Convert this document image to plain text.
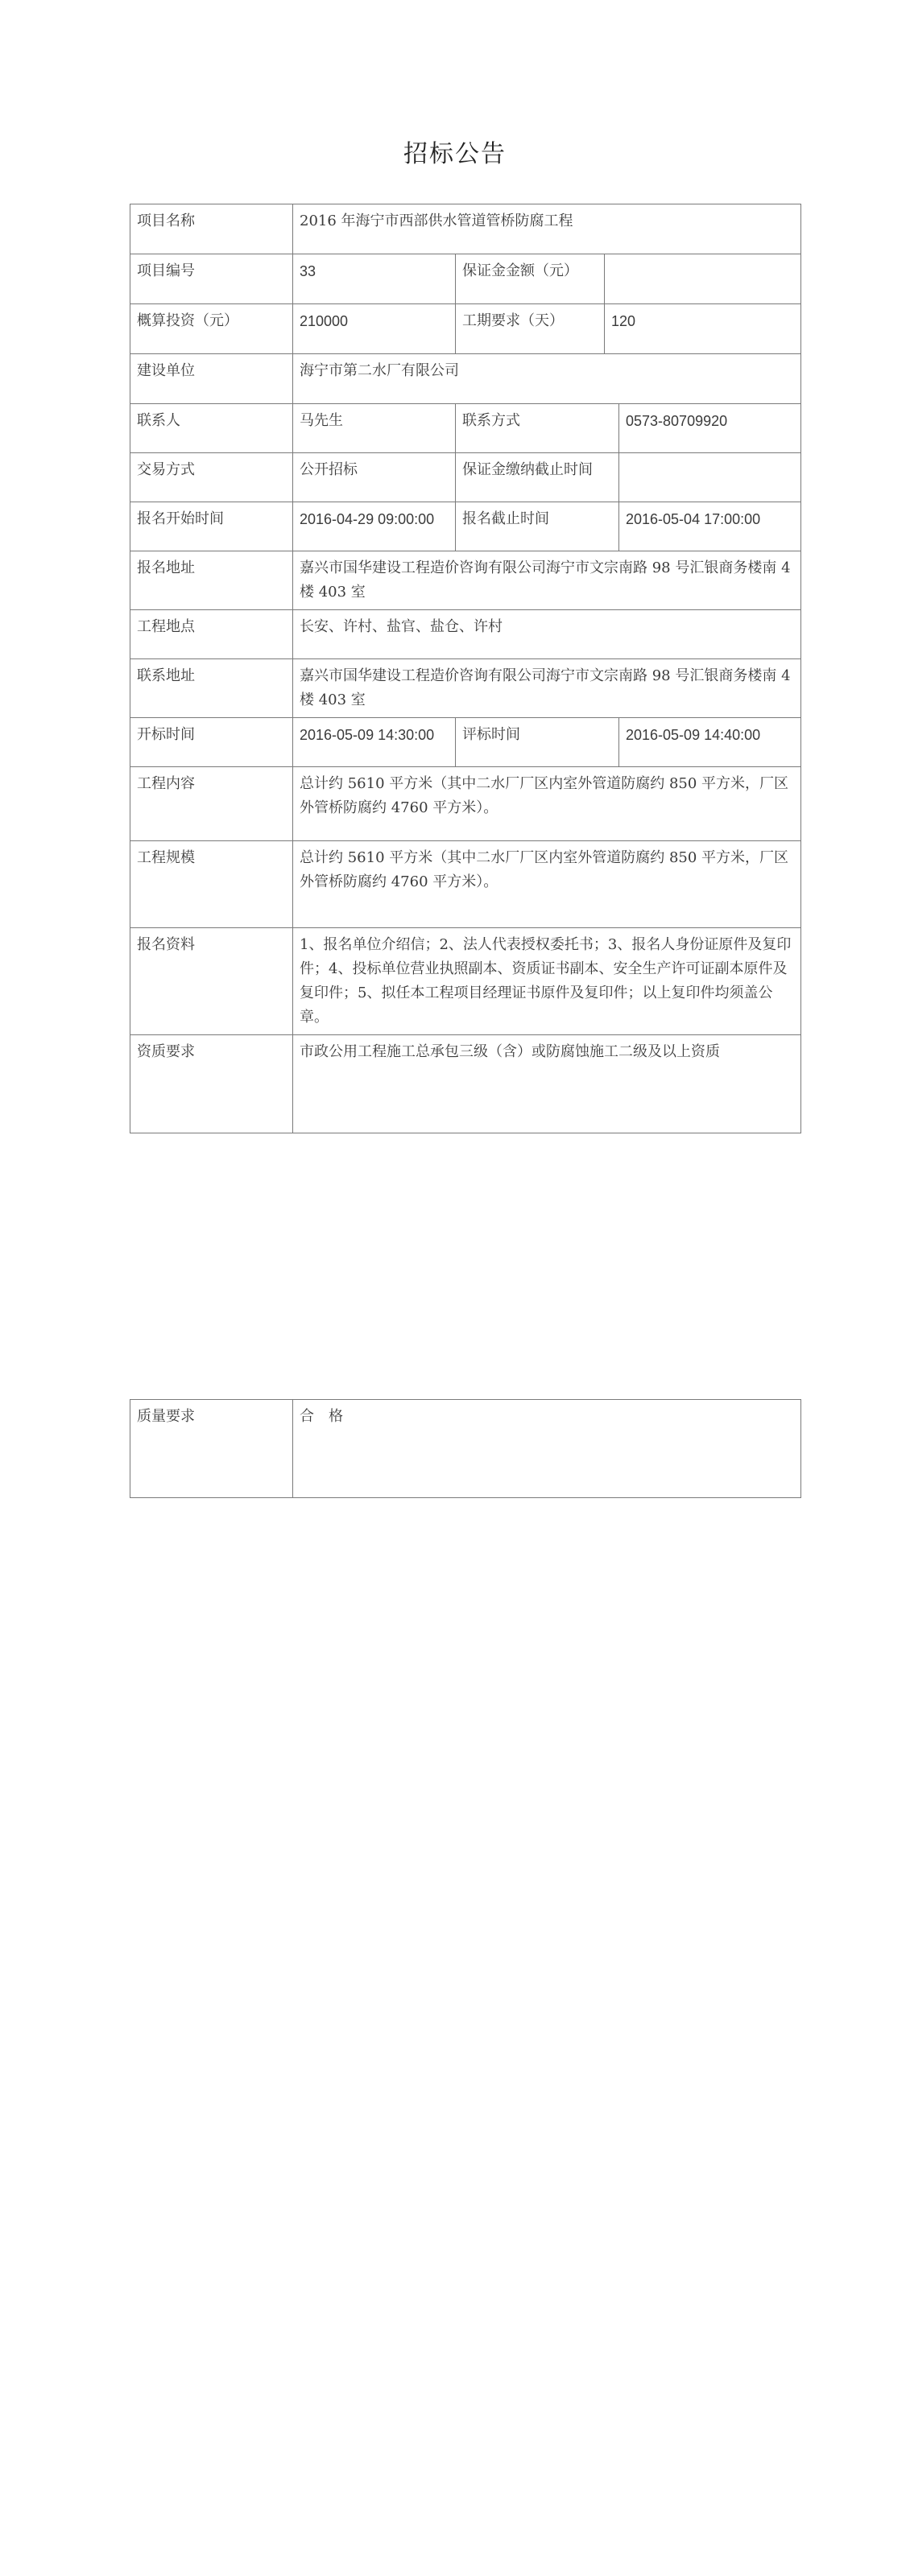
招标公告
项目名称	2016 年海宁市西部供水管道管桥防腐工程			
项目编号	33	保证金金额（元）		
概算投资（元）	210000	工期要求（天）	120	
建设单位	海宁市第二水厂有限公司			
联系人	马先生	联系方式		0573-80709920
交易方式	公开招标	保证金缴纳截止时间		
报名开始时间	2016-04-29 09:00:00	报名截止时间		2016-05-04 17:00:00
报名地址	嘉兴市国华建设工程造价咨询有限公司海宁市文宗南路 98 号汇银商务楼南 4 楼 403 室			
工程地点	长安、许村、盐官、盐仓、许村			
联系地址	嘉兴市国华建设工程造价咨询有限公司海宁市文宗南路 98 号汇银商务楼南 4 楼 403 室			
开标时间	2016-05-09 14:30:00	评标时间		2016-05-09 14:40:00
工程内容	总计约 5610 平方米（其中二水厂厂区内室外管道防腐约 850 平方米，厂区外管桥防腐约 4760 平方米）。			
工程规模	总计约 5610 平方米（其中二水厂厂区内室外管道防腐约 850 平方米，厂区外管桥防腐约 4760 平方米）。			
报名资料	1、报名单位介绍信；2、法人代表授权委托书；3、报名人身份证原件及复印件；4、投标单位营业执照副本、资质证书副本、安全生产许可证副本原件及复印件；5、拟任本工程项目经理证书原件及复印件；以上复印件均须盖公章。			
资质要求	市政公用工程施工总承包三级（含）或防腐蚀施工二级及以上资质			
质量要求	合　格
